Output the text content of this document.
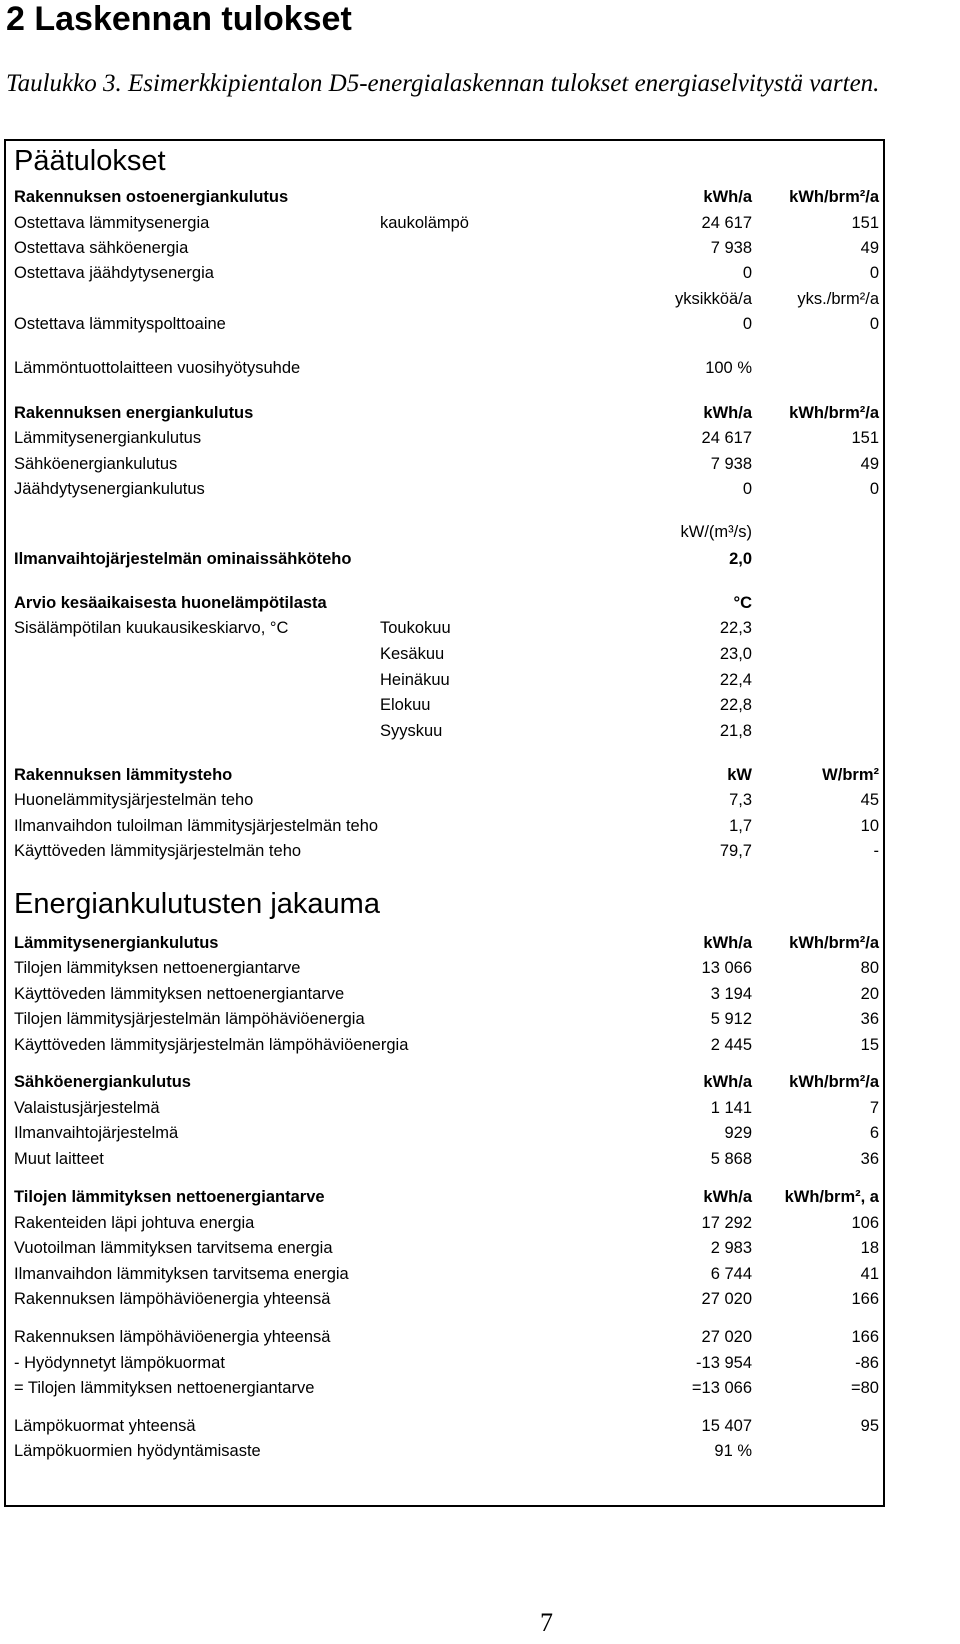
2 Laskennan tulokset

Taulukko 3. Esimerkkipientalon D5-energialaskennan tulokset energiaselvitystä varten.

Päätulokset
Rakennuksen ostoenergiankulutus	kWh/a kWh/brm²/a
Ostettava lämmitysenergia	kaukolämpö	24 617	151
Ostettava sähköenergia	7 938	49
Ostettava jäähdytysenergia	0	0
yksikköä/a	yks./brm²/a
Ostettava lämmityspolttoaine	0	0
Lämmöntuottolaitteen vuosihyötysuhde	100 %
Rakennuksen energiankulutus	kWh/a kWh/brm²/a
Lämmitysenergiankulutus	24 617	151
Sähköenergiankulutus	7 938	49
Jäähdytysenergiankulutus	0	0
kW/(m³/s)
Ilmanvaihtojärjestelmän ominaissähköteho	2,0
Arvio kesäaikaisesta huonelämpötilasta	°C
Sisälämpötilan kuukausikeskiarvo, °C	Toukokuu	22,3
Kesäkuu	23,0
Heinäkuu	22,4
Elokuu	22,8
Syyskuu	21,8
Rakennuksen lämmitysteho	kW	W/brm²
Huonelämmitysjärjestelmän teho	7,3	45
Ilmanvaihdon tuloilman lämmitysjärjestelmän teho	1,7	10
Käyttöveden lämmitysjärjestelmän teho	79,7	-
Energiankulutusten jakauma
Lämmitysenergiankulutus	kWh/a kWh/brm²/a
Tilojen lämmityksen nettoenergiantarve	13 066	80
Käyttöveden lämmityksen nettoenergiantarve	3 194	20
Tilojen lämmitysjärjestelmän lämpöhäviöenergia	5 912	36
Käyttöveden lämmitysjärjestelmän lämpöhäviöenergia	2 445	15
Sähköenergiankulutus	kWh/a kWh/brm²/a
Valaistusjärjestelmä	1 141	7
Ilmanvaihtojärjestelmä	929	6
Muut laitteet	5 868	36
Tilojen lämmityksen nettoenergiantarve	kWh/a kWh/brm², a
Rakenteiden läpi johtuva energia	17 292	106
Vuotoilman lämmityksen tarvitsema energia	2 983	18
Ilmanvaihdon lämmityksen tarvitsema energia	6 744	41
Rakennuksen lämpöhäviöenergia yhteensä	27 020	166
Rakennuksen lämpöhäviöenergia yhteensä	27 020	166
- Hyödynnetyt lämpökuormat	-13 954	-86
= Tilojen lämmityksen nettoenergiantarve	=13 066	=80
Lämpökuormat yhteensä	15 407	95
Lämpökuormien hyödyntämisaste	91 %
7
